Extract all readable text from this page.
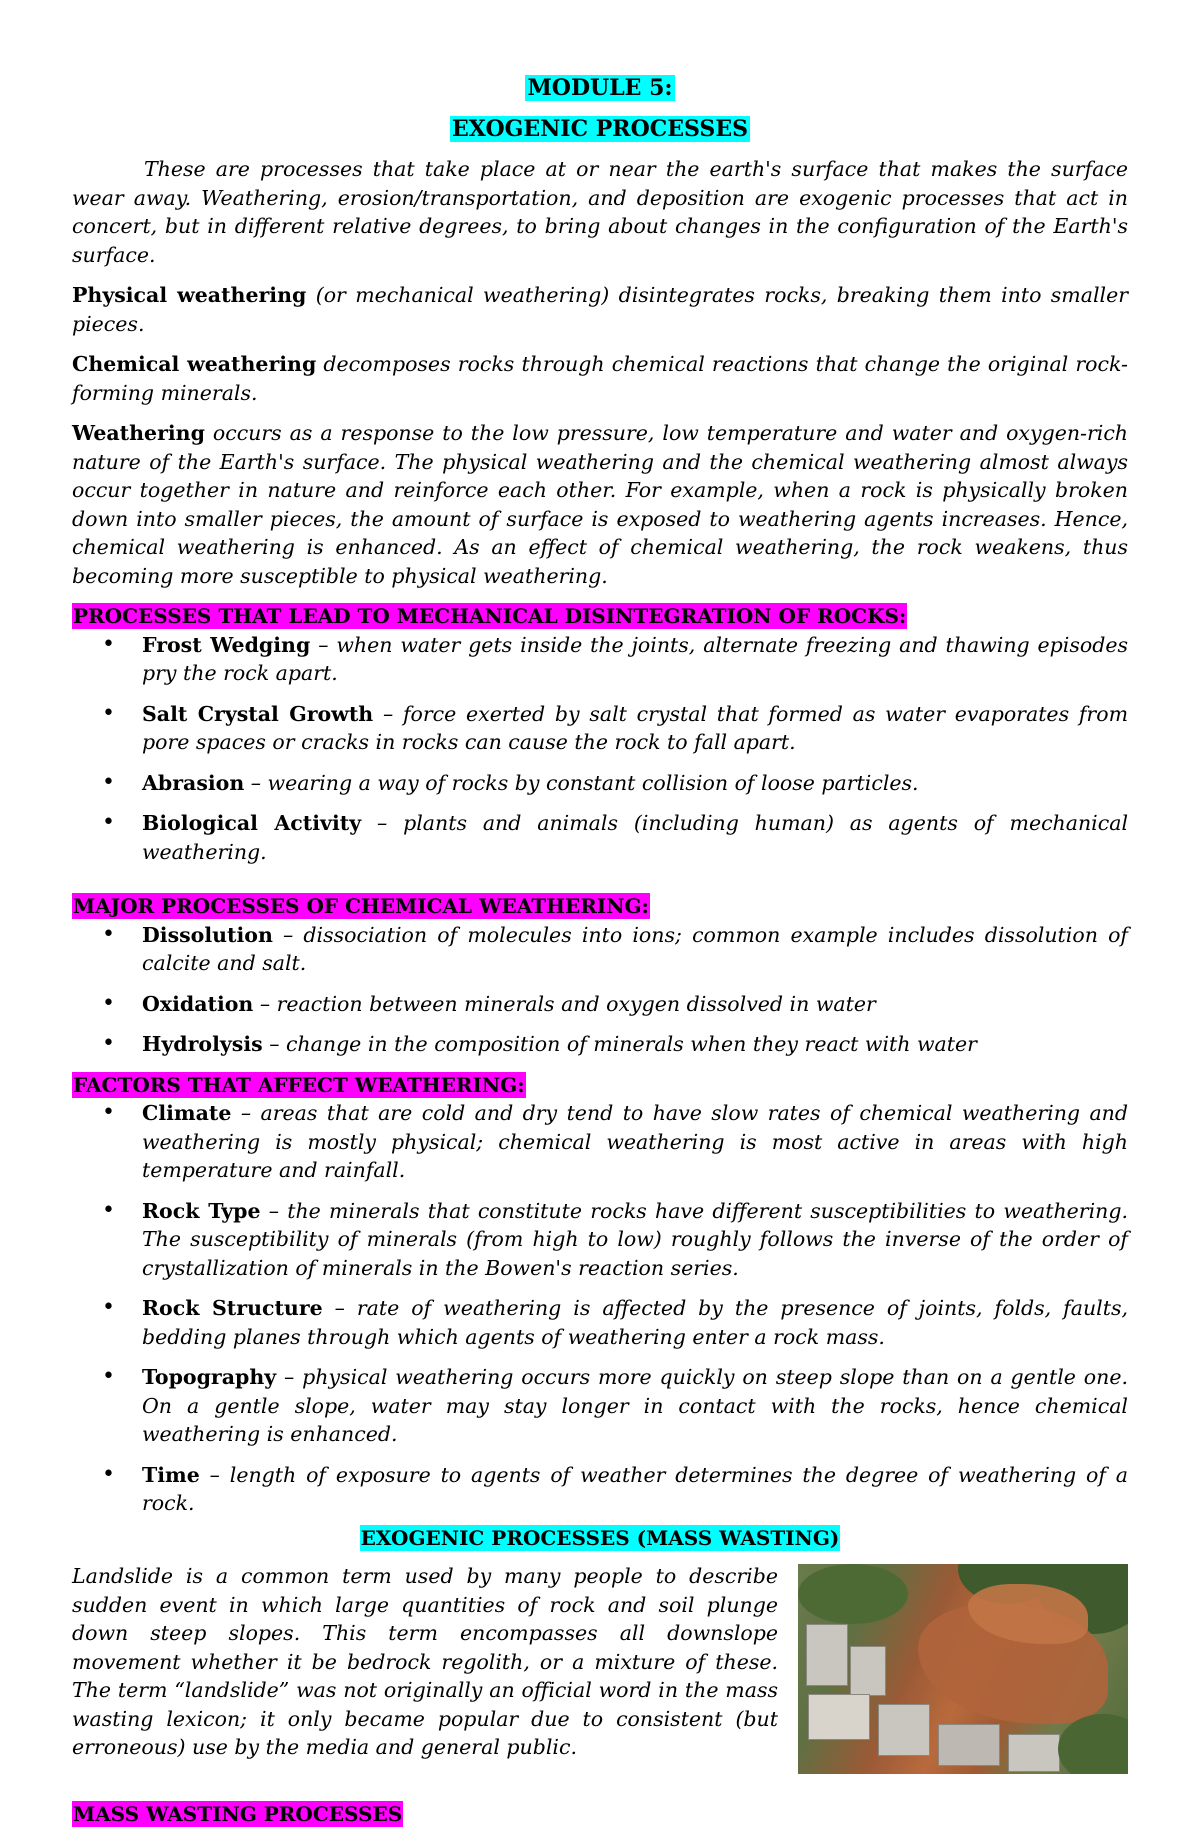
MODULE 5:
EXOGENIC PROCESSES

These are processes that take place at or near the earth's surface that makes the surface wear away. Weathering, erosion/transportation, and deposition are exogenic processes that act in concert, but in different relative degrees, to bring about changes in the configuration of the Earth's surface.

Physical weathering (or mechanical weathering) disintegrates rocks, breaking them into smaller pieces.

Chemical weathering decomposes rocks through chemical reactions that change the original rock-forming minerals.

Weathering occurs as a response to the low pressure, low temperature and water and oxygen-rich nature of the Earth's surface. The physical weathering and the chemical weathering almost always occur together in nature and reinforce each other. For example, when a rock is physically broken down into smaller pieces, the amount of surface is exposed to weathering agents increases. Hence, chemical weathering is enhanced. As an effect of chemical weathering, the rock weakens, thus becoming more susceptible to physical weathering.

PROCESSES THAT LEAD TO MECHANICAL DISINTEGRATION OF ROCKS:
• Frost Wedging – when water gets inside the joints, alternate freezing and thawing episodes pry the rock apart.
• Salt Crystal Growth – force exerted by salt crystal that formed as water evaporates from pore spaces or cracks in rocks can cause the rock to fall apart.
• Abrasion – wearing a way of rocks by constant collision of loose particles.
• Biological Activity – plants and animals (including human) as agents of mechanical weathering.
MAJOR PROCESSES OF CHEMICAL WEATHERING:
• Dissolution – dissociation of molecules into ions; common example includes dissolution of calcite and salt.
• Oxidation – reaction between minerals and oxygen dissolved in water
• Hydrolysis – change in the composition of minerals when they react with water
FACTORS THAT AFFECT WEATHERING:
• Climate – areas that are cold and dry tend to have slow rates of chemical weathering and weathering is mostly physical; chemical weathering is most active in areas with high temperature and rainfall.
• Rock Type – the minerals that constitute rocks have different susceptibilities to weathering. The susceptibility of minerals (from high to low) roughly follows the inverse of the order of crystallization of minerals in the Bowen's reaction series.
• Rock Structure – rate of weathering is affected by the presence of joints, folds, faults, bedding planes through which agents of weathering enter a rock mass.
• Topography – physical weathering occurs more quickly on steep slope than on a gentle one. On a gentle slope, water may stay longer in contact with the rocks, hence chemical weathering is enhanced.
• Time – length of exposure to agents of weather determines the degree of weathering of a rock.
EXOGENIC PROCESSES (MASS WASTING)

Landslide is a common term used by many people to describe sudden event in which large quantities of rock and soil plunge down steep slopes. This term encompasses all downslope movement whether it be bedrock regolith, or a mixture of these. The term “landslide” was not originally an official word in the mass wasting lexicon; it only became popular due to consistent (but erroneous) use by the media and general public.

MASS WASTING PROCESSES
